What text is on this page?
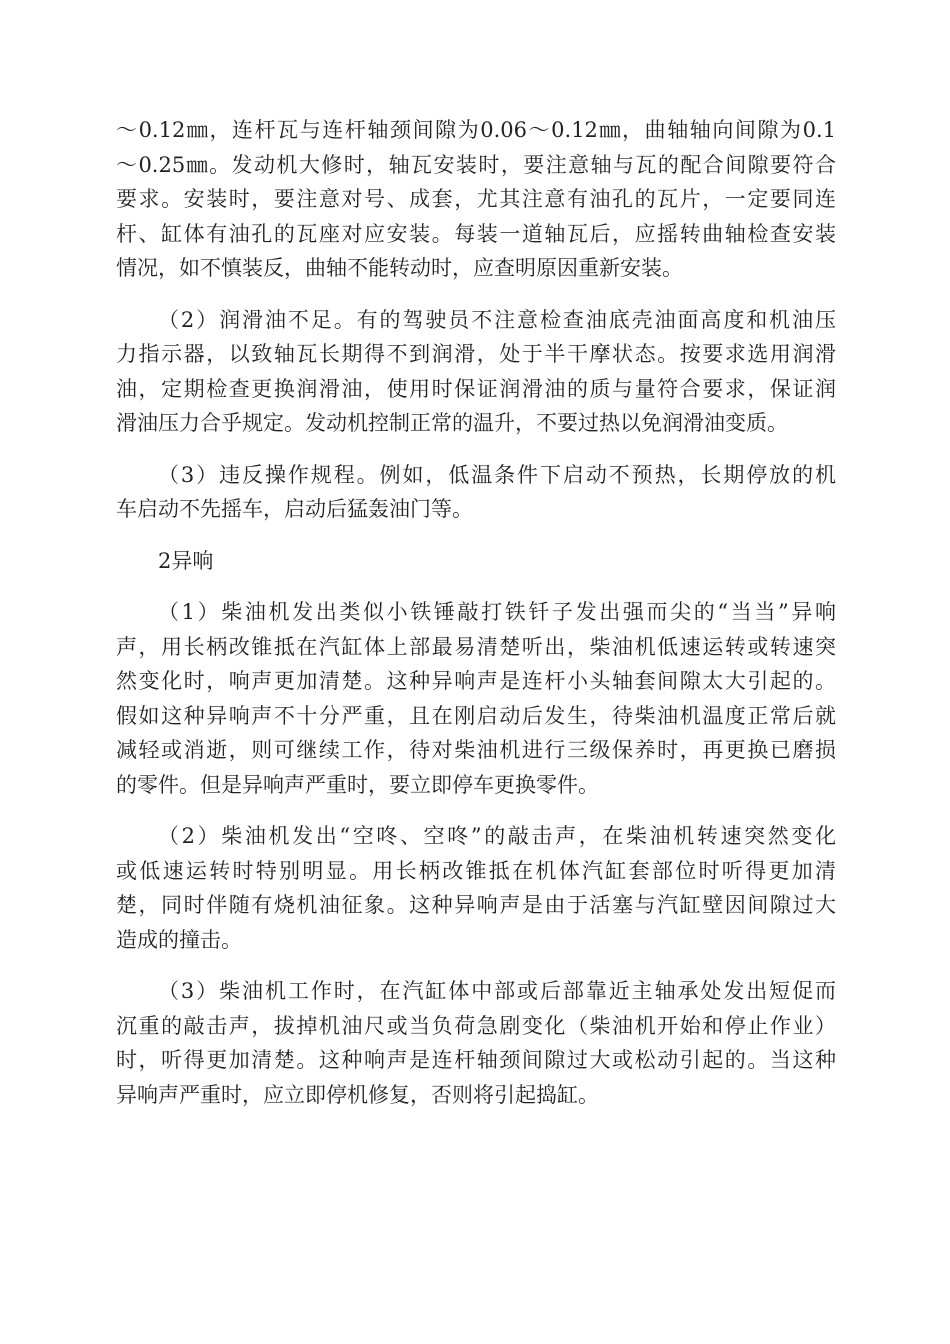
～0.12㎜，连杆瓦与连杆轴颈间隙为0.06～0.12㎜，曲轴轴向间隙为0.1
～0.25㎜。发动机大修时，轴瓦安装时，要注意轴与瓦的配合间隙要符合
要求。安装时，要注意对号、成套，尤其注意有油孔的瓦片，一定要同连
杆、缸体有油孔的瓦座对应安装。每装一道轴瓦后，应摇转曲轴检查安装
情况，如不慎装反，曲轴不能转动时，应查明原因重新安装。

（2）润滑油不足。有的驾驶员不注意检查油底壳油面高度和机油压
力指示器，以致轴瓦长期得不到润滑，处于半干摩状态。按要求选用润滑
油，定期检查更换润滑油，使用时保证润滑油的质与量符合要求，保证润
滑油压力合乎规定。发动机控制正常的温升，不要过热以免润滑油变质。

（3）违反操作规程。例如，低温条件下启动不预热，长期停放的机
车启动不先摇车，启动后猛轰油门等。

2异响

（1）柴油机发出类似小铁锤敲打铁钎子发出强而尖的“当当”异响
声，用长柄改锥抵在汽缸体上部最易清楚听出，柴油机低速运转或转速突
然变化时，响声更加清楚。这种异响声是连杆小头轴套间隙太大引起的。
假如这种异响声不十分严重，且在刚启动后发生，待柴油机温度正常后就
减轻或消逝，则可继续工作，待对柴油机进行三级保养时，再更换已磨损
的零件。但是异响声严重时，要立即停车更换零件。

（2）柴油机发出“空咚、空咚”的敲击声，在柴油机转速突然变化
或低速运转时特别明显。用长柄改锥抵在机体汽缸套部位时听得更加清
楚，同时伴随有烧机油征象。这种异响声是由于活塞与汽缸壁因间隙过大
造成的撞击。

（3）柴油机工作时，在汽缸体中部或后部靠近主轴承处发出短促而
沉重的敲击声，拔掉机油尺或当负荷急剧变化（柴油机开始和停止作业）
时，听得更加清楚。这种响声是连杆轴颈间隙过大或松动引起的。当这种
异响声严重时，应立即停机修复，否则将引起捣缸。
